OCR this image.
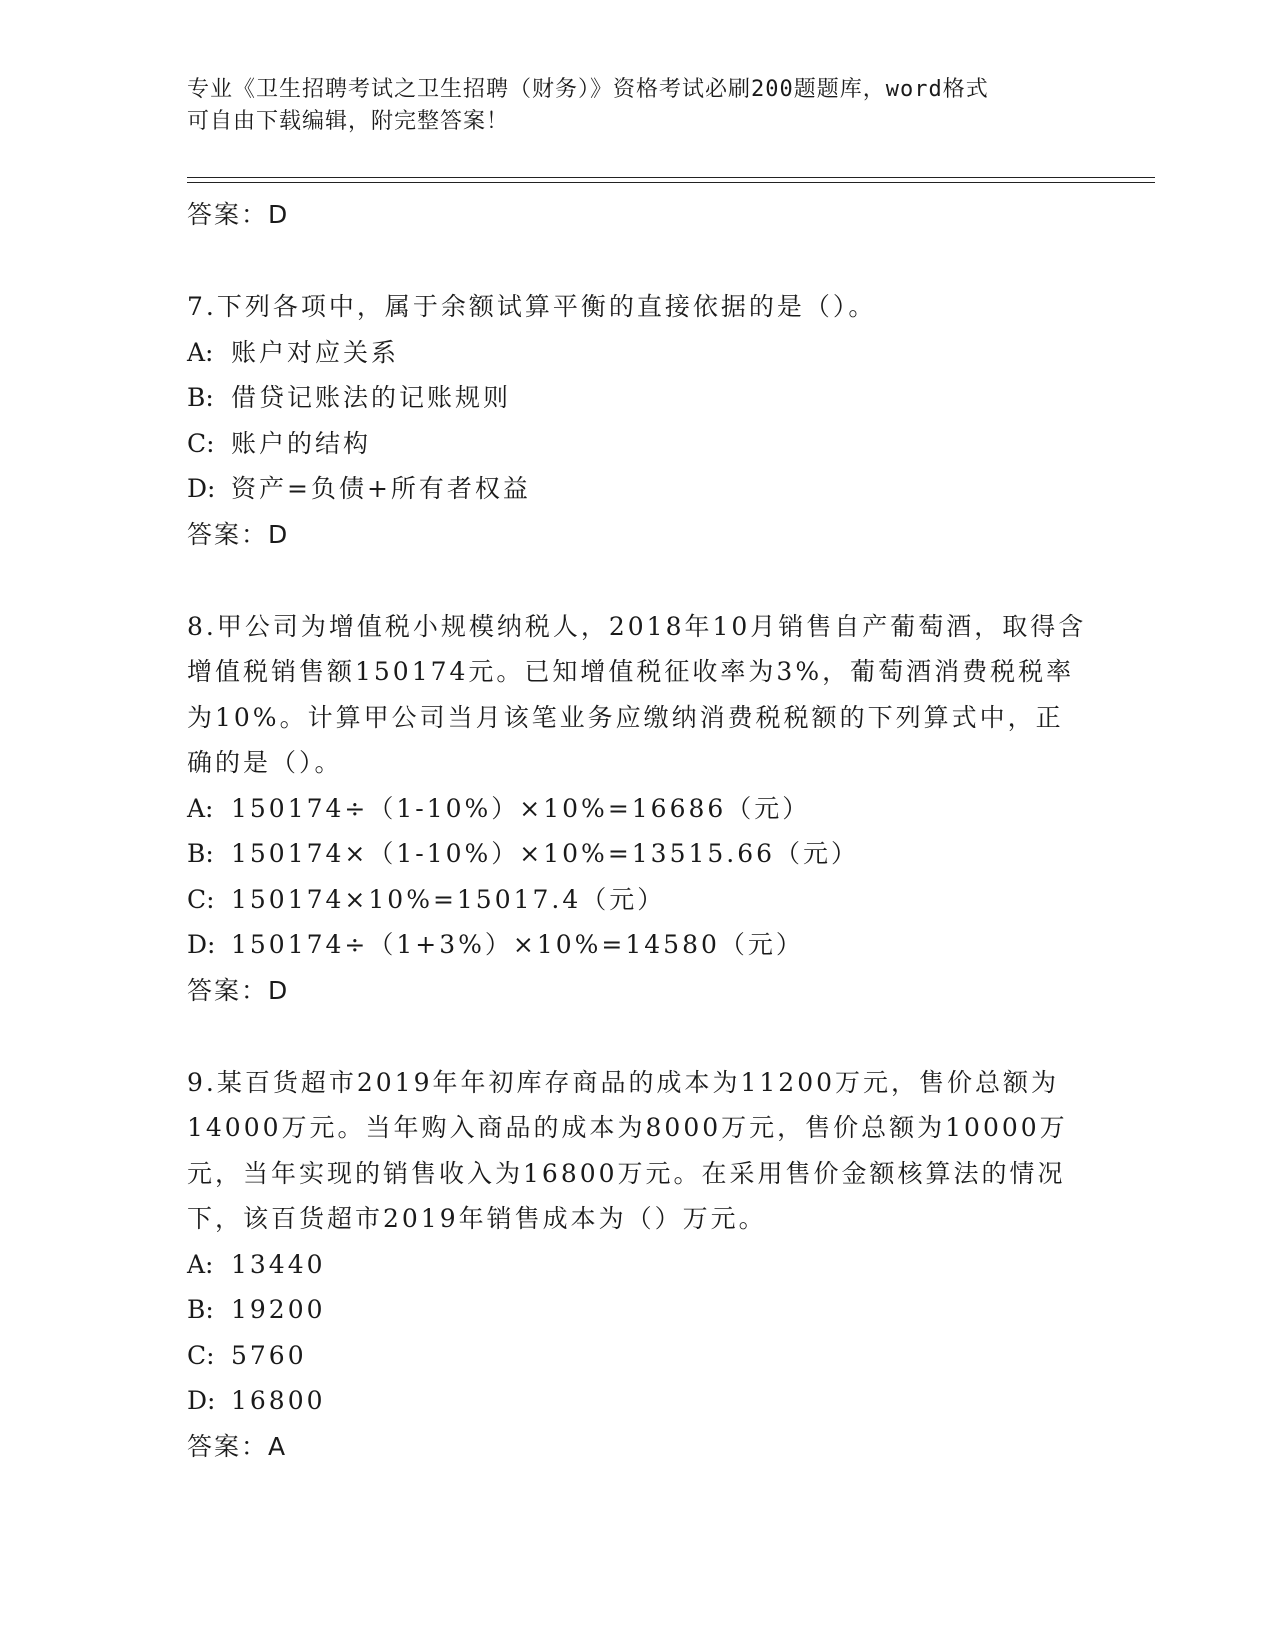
专业《卫生招聘考试之卫生招聘（财务）》资格考试必刷200题题库，word格式
可自由下载编辑，附完整答案！
答案：D
7.下列各项中，属于余额试算平衡的直接依据的是（）。
A: 账户对应关系
B: 借贷记账法的记账规则
C: 账户的结构
D: 资产=负债+所有者权益
答案：D
8.甲公司为增值税小规模纳税人，2018年10月销售自产葡萄酒，取得含增值税销售额150174元。已知增值税征收率为3%，葡萄酒消费税税率为10%。计算甲公司当月该笔业务应缴纳消费税税额的下列算式中，正确的是（）。
A: 150174÷（1-10%）×10%=16686（元）
B: 150174×（1-10%）×10%=13515.66（元）
C: 150174×10%=15017.4（元）
D: 150174÷（1+3%）×10%=14580（元）
答案：D
9.某百货超市2019年年初库存商品的成本为11200万元，售价总额为14000万元。当年购入商品的成本为8000万元，售价总额为10000万元，当年实现的销售收入为16800万元。在采用售价金额核算法的情况下，该百货超市2019年销售成本为（）万元。
A: 13440
B: 19200
C: 5760
D: 16800
答案：A
